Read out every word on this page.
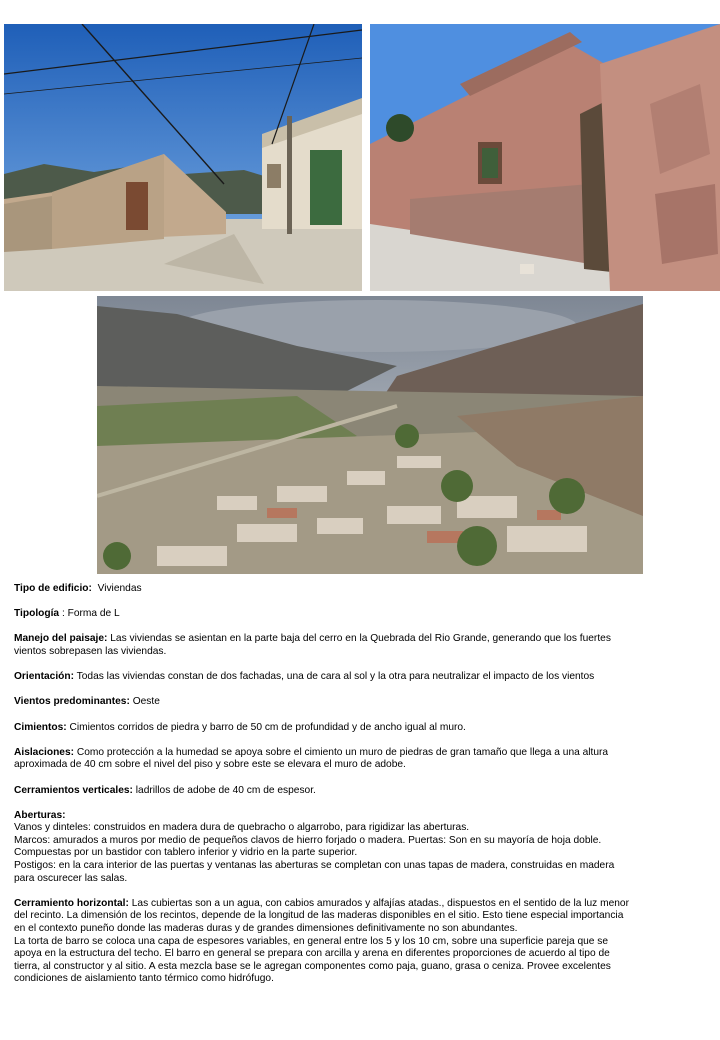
Tipo de edificio: Viviendas

Tipología : Forma de L

Manejo del paisaje: Las viviendas se asientan en la parte baja del cerro en la Quebrada del Rio Grande, generando que los fuertes vientos sobrepasen las viviendas.

Orientación: Todas las viviendas constan de dos fachadas, una de cara al sol y la otra para neutralizar el impacto de los vientos

Vientos predominantes: Oeste

Cimientos: Cimientos corridos de piedra y barro de 50 cm de profundidad y de ancho igual al muro.

Aislaciones: Como protección a la humedad se apoya sobre el cimiento un muro de piedras de gran tamaño que llega a una altura aproximada de 40 cm sobre el nivel del piso y sobre este se elevara el muro de adobe.

Cerramientos verticales: ladrillos de adobe de 40 cm de espesor.

Aberturas:
Vanos y dinteles: construidos en madera dura de quebracho o algarrobo, para rigidizar las aberturas.
Marcos: amurados a muros por medio de pequeños clavos de hierro forjado o madera. Puertas: Son en su mayoría de hoja doble. Compuestas por un bastidor con tablero inferior y vidrio en la parte superior.
Postigos: en la cara interior de las puertas y ventanas las aberturas se completan con unas tapas de madera, construidas en madera para oscurecer las salas.

Cerramiento horizontal: Las cubiertas son a un agua, con cabios amurados y alfajías atadas., dispuestos en el sentido de la luz menor del recinto. La dimensión de los recintos, depende de la longitud de las maderas disponibles en el sitio. Esto tiene especial importancia en el contexto puneño donde las maderas duras y de grandes dimensiones definitivamente no son abundantes.
La torta de barro se coloca una capa de espesores variables, en general entre los 5 y los 10 cm, sobre una superficie pareja que se apoya en la estructura del techo. El barro en general se prepara con arcilla y arena en diferentes proporciones de acuerdo al tipo de tierra, al constructor y al sitio. A esta mezcla base se le agregan componentes como paja, guano, grasa o ceniza. Provee excelentes condiciones de aislamiento tanto térmico como hidrófugo.
